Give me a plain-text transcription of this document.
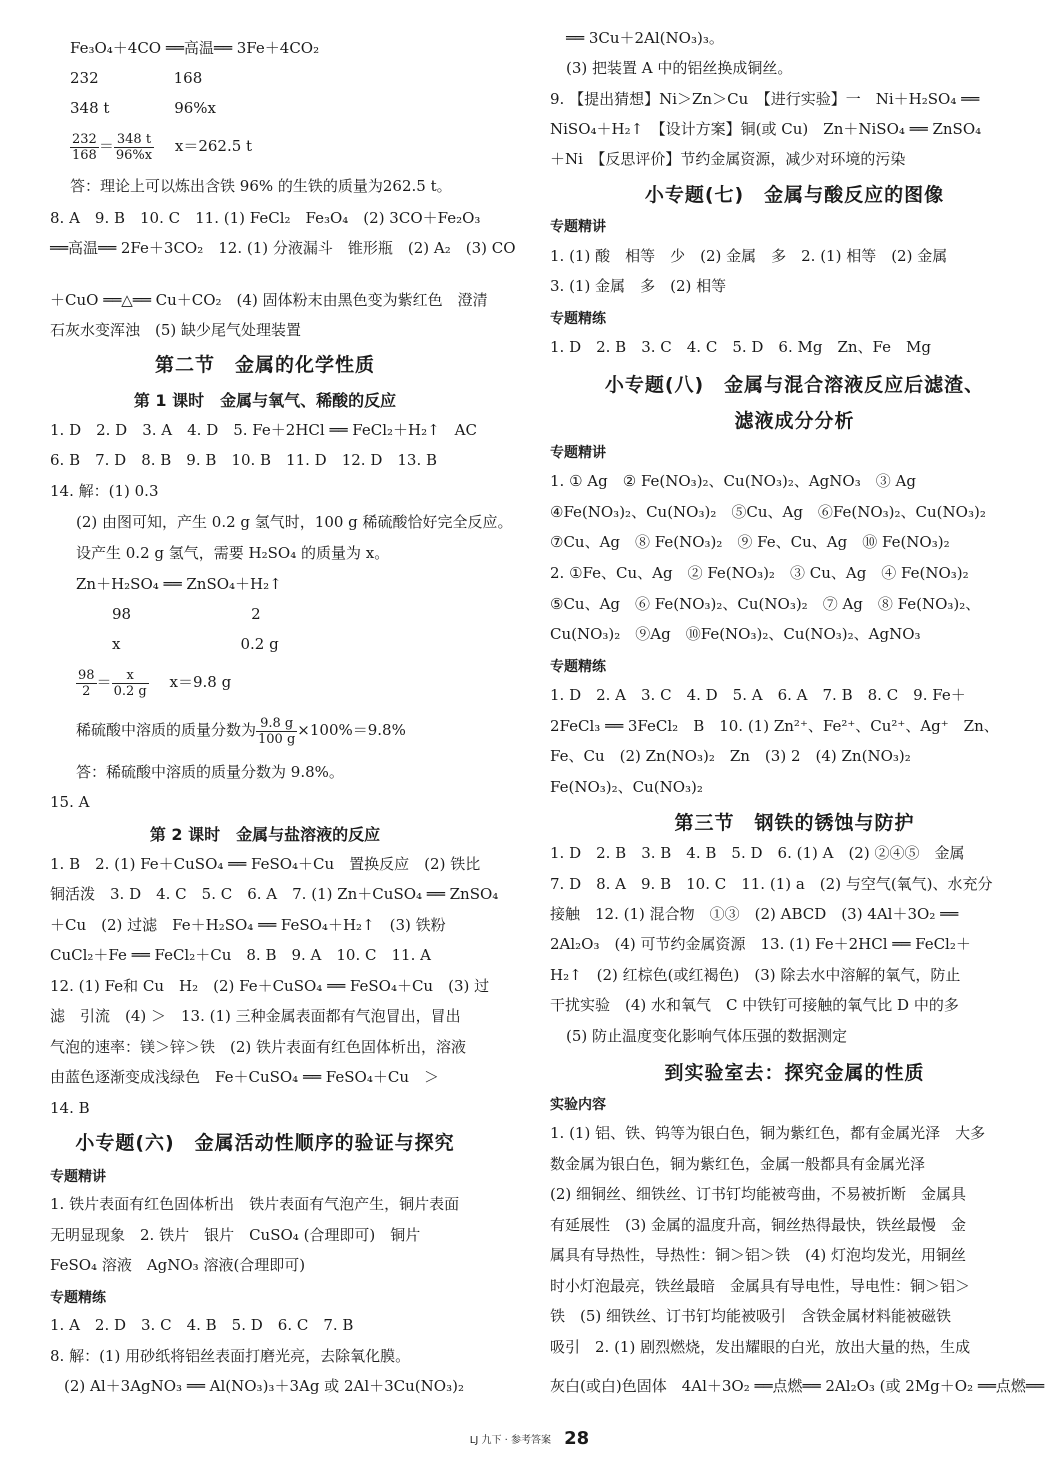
Fe₃O₄＋4CO ══高温══ 3Fe＋4CO₂
232　　　　　168
348 t　　　　 96%x
$\frac{232}{168} = \frac{348 t}{96\%x} x=262.5$ t
答：理论上可以炼出含铁 96% 的生铁的质量为262.5 t。
8. A　9. B　10. C　11. (1) FeCl₂　Fe₃O₄　(2) 3CO＋Fe₂O₃
══高温══ 2Fe＋3CO₂　12. (1) 分液漏斗　锥形瓶　(2) A₂　(3) CO
＋CuO ══△══ Cu＋CO₂　(4) 固体粉末由黑色变为紫红色　澄清
石灰水变浑浊　(5) 缺少尾气处理装置
第二节　金属的化学性质
第 1 课时　金属与氧气、稀酸的反应
1. D　2. D　3. A　4. D　5. Fe＋2HCl ══ FeCl₂＋H₂↑　AC
6. B　7. D　8. B　9. B　10. B　11. D　12. D　13. B
14. 解：(1) 0.3
(2) 由图可知，产生 0.2 g 氢气时，100 g 稀硫酸恰好完全反应。
设产生 0.2 g 氢气，需要 H₂SO₄ 的质量为 x。
Zn＋H₂SO₄ ══ ZnSO₄＋H₂↑
98　　　　　　　　2
x　　　　　　　　0.2 g
$\frac{98}{2} = \frac{x}{0.2 g} x=9.8$ g
稀硫酸中溶质的质量分数为 $\frac{9.8 g}{100 g} \times 100\%=9.8\%$
答：稀硫酸中溶质的质量分数为 9.8%。
15. A
第 2 课时　金属与盐溶液的反应
1. B　2. (1) Fe＋CuSO₄ ══ FeSO₄＋Cu　置换反应　(2) 铁比
铜活泼　3. D　4. C　5. C　6. A　7. (1) Zn＋CuSO₄ ══ ZnSO₄
＋Cu　(2) 过滤　Fe＋H₂SO₄ ══ FeSO₄＋H₂↑　(3) 铁粉
CuCl₂＋Fe ══ FeCl₂＋Cu　8. B　9. A　10. C　11. A
12. (1) Fe和 Cu　H₂　(2) Fe＋CuSO₄ ══ FeSO₄＋Cu　(3) 过
滤　引流　(4) ＞　13. (1) 三种金属表面都有气泡冒出，冒出
气泡的速率：镁＞锌＞铁　(2) 铁片表面有红色固体析出，溶液
由蓝色逐渐变成浅绿色　Fe＋CuSO₄ ══ FeSO₄＋Cu　＞
14. B
小专题(六)　金属活动性顺序的验证与探究
专题精讲
1. 铁片表面有红色固体析出　铁片表面有气泡产生，铜片表面
无明显现象　2. 铁片　银片　CuSO₄ (合理即可)　铜片
FeSO₄ 溶液　AgNO₃ 溶液(合理即可)
专题精练
1. A　2. D　3. C　4. B　5. D　6. C　7. B
8. 解：(1) 用砂纸将铝丝表面打磨光亮，去除氧化膜。
(2) Al＋3AgNO₃ ══ Al(NO₃)₃＋3Ag 或 2Al＋3Cu(NO₃)₂
══ 3Cu＋2Al(NO₃)₃。
(3) 把装置 A 中的铝丝换成铜丝。
9. 【提出猜想】Ni＞Zn＞Cu　【进行实验】一　Ni＋H₂SO₄ ══
NiSO₄＋H₂↑　【设计方案】铜(或 Cu)　Zn＋NiSO₄ ══ ZnSO₄
＋Ni　【反思评价】节约金属资源，减少对环境的污染
小专题(七)　金属与酸反应的图像
专题精讲
1. (1) 酸　相等　少　(2) 金属　多　2. (1) 相等　(2) 金属
3. (1) 金属　多　(2) 相等
专题精练
1. D　2. B　3. C　4. C　5. D　6. Mg　Zn、Fe　Mg
小专题(八)　金属与混合溶液反应后滤渣、
滤液成分分析
专题精讲
1. ① Ag　② Fe(NO₃)₂、Cu(NO₃)₂、AgNO₃　③ Ag
④Fe(NO₃)₂、Cu(NO₃)₂　⑤Cu、Ag　⑥Fe(NO₃)₂、Cu(NO₃)₂
⑦Cu、Ag　⑧ Fe(NO₃)₂　⑨ Fe、Cu、Ag　⑩ Fe(NO₃)₂
2. ①Fe、Cu、Ag　② Fe(NO₃)₂　③ Cu、Ag　④ Fe(NO₃)₂
⑤Cu、Ag　⑥ Fe(NO₃)₂、Cu(NO₃)₂　⑦ Ag　⑧ Fe(NO₃)₂、
Cu(NO₃)₂　⑨Ag　⑩Fe(NO₃)₂、Cu(NO₃)₂、AgNO₃
专题精练
1. D　2. A　3. C　4. D　5. A　6. A　7. B　8. C　9. Fe＋
2FeCl₃ ══ 3FeCl₂　B　10. (1) Zn²⁺、Fe²⁺、Cu²⁺、Ag⁺　Zn、
Fe、Cu　(2) Zn(NO₃)₂　Zn　(3) 2　(4) Zn(NO₃)₂
Fe(NO₃)₂、Cu(NO₃)₂
第三节　钢铁的锈蚀与防护
1. D　2. B　3. B　4. B　5. D　6. (1) A　(2) ②④⑤　金属
7. D　8. A　9. B　10. C　11. (1) a　(2) 与空气(氧气)、水充分
接触　12. (1) 混合物　①③　(2) ABCD　(3) 4Al＋3O₂ ══
2Al₂O₃　(4) 可节约金属资源　13. (1) Fe＋2HCl ══ FeCl₂＋
H₂↑　(2) 红棕色(或红褐色)　(3) 除去水中溶解的氧气，防止
干扰实验　(4) 水和氧气　C 中铁钉可接触的氧气比 D 中的多
(5) 防止温度变化影响气体压强的数据测定
到实验室去：探究金属的性质
实验内容
1. (1) 铝、铁、钨等为银白色，铜为紫红色，都有金属光泽　大多
数金属为银白色，铜为紫红色，金属一般都具有金属光泽
(2) 细铜丝、细铁丝、订书钉均能被弯曲，不易被折断　金属具
有延展性　(3) 金属的温度升高，铜丝热得最快，铁丝最慢　金
属具有导热性，导热性：铜＞铝＞铁　(4) 灯泡均发光，用铜丝
时小灯泡最亮，铁丝最暗　金属具有导电性，导电性：铜＞铝＞
铁　(5) 细铁丝、订书钉均能被吸引　含铁金属材料能被磁铁
吸引　2. (1) 剧烈燃烧，发出耀眼的白光，放出大量的热，生成
灰白(或白)色固体　4Al＋3O₂ ══点燃══ 2Al₂O₃ (或 2Mg＋O₂ ══点燃══
LJ 九下 · 参考答案 28
